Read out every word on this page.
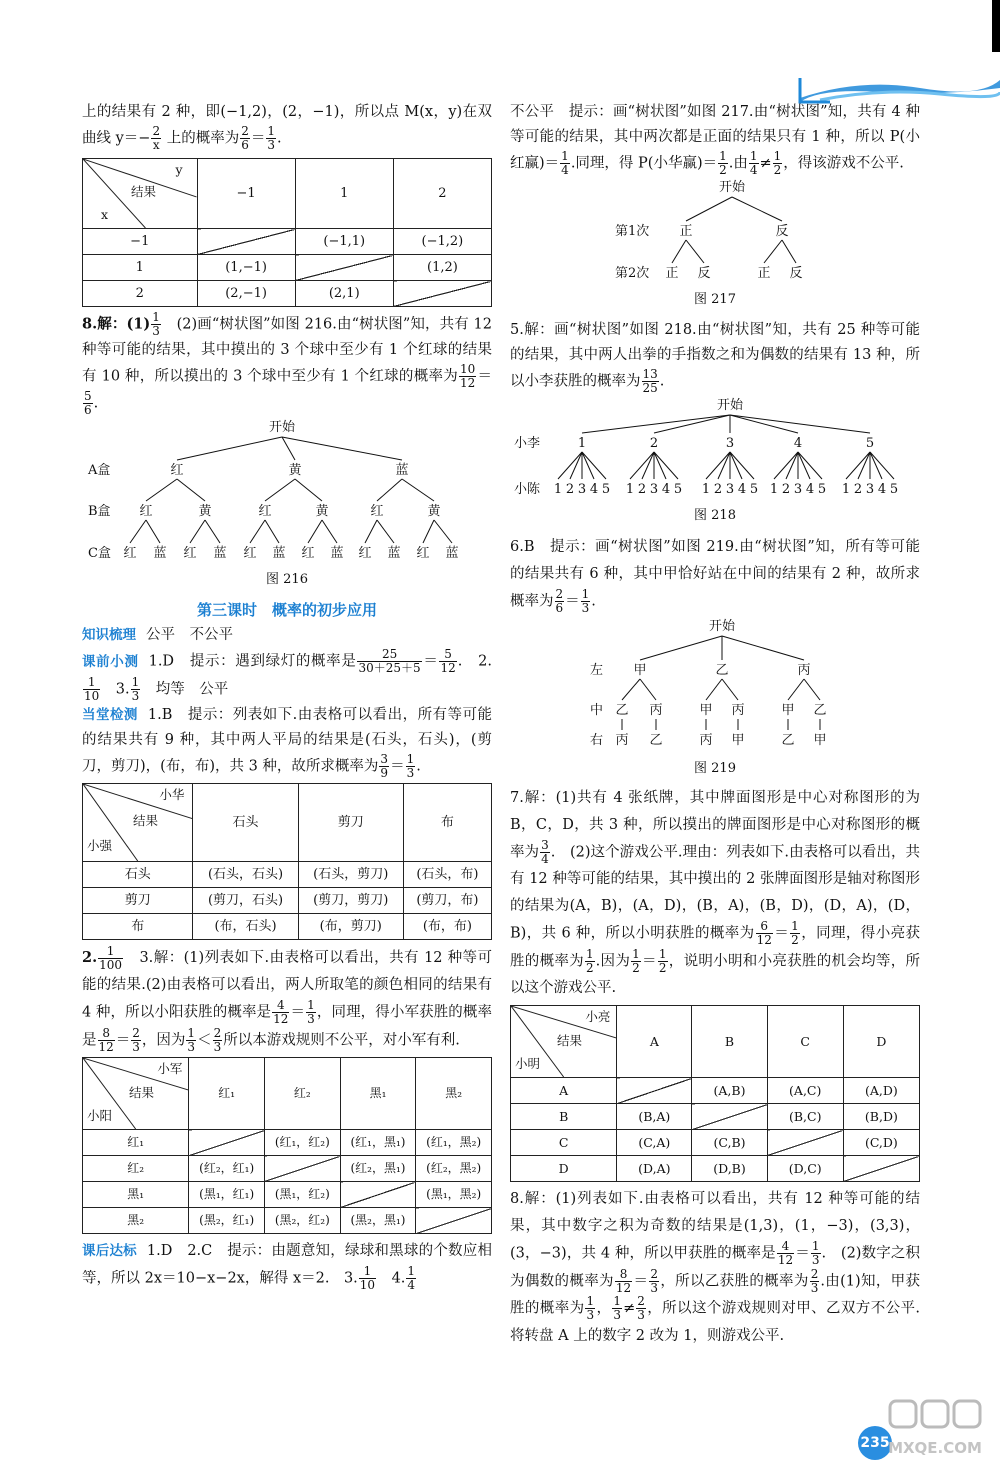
上的结果有 2 种，即(−1,2)，(2，−1)，所以点 M(x，y)在双曲线 $y=- \frac{2}{x}$ 上的概率为 $\frac{2}{6} = \frac{1}{3}$ .

y
结果
x	−1	1	2
−1		(−1,1)	(−1,2)
1	(1,−1)		(1,2)
2	(2,−1)	(2,1)	

8.解：$(1) \frac{1}{3}$ 　(2)画“树状图”如图 216.由“树状图”知，共有 12 种等可能的结果，其中摸出的 3 个球中至少有 1 个红球的结果有 10 种，所以摸出的 3 个球中至少有 1 个红球的概率为 $\frac{10}{12}$ ＝
$\frac{5}{6}$ .

开始
A盒
B盒
C盒
红	黄	蓝
红	黄	红	黄	红	黄
红 蓝 红 蓝 红 蓝 红 蓝 红 蓝 红 蓝
图 216
第三课时　概率的初步应用

知识梳理 公平　不公平

课前小测 1.D　提示：遇到绿灯的概率是 $\frac{25}{30+25+5} = \frac{5}{12}$ .　2.
$\frac{1}{10}$ 　3. $\frac{1}{3}$ 　均等　公平

当堂检测 1.B　提示：列表如下.由表格可以看出，所有等可能的结果共有 9 种，其中两人平局的结果是(石头，石头)，(剪刀，剪刀)，(布，布)，共 3 种，故所求概率为 $\frac{3}{9} = \frac{1}{3}$ .

小华
结果
小强	石头	剪刀	布
石头	(石头，石头)	(石头，剪刀)	(石头，布)
剪刀	(剪刀，石头)	(剪刀，剪刀)	(剪刀，布)
布	(布，石头)	(布，剪刀)	(布，布)

2. $\frac{1}{100}$ 　3.解：(1)列表如下.由表格可以看出，共有 12 种等可能的结果.(2)由表格可以看出，两人所取笔的颜色相同的结果有 4 种，所以小阳获胜的概率是 $\frac{4}{12} = \frac{1}{3}$ ，同理，得小军获胜的概率是 $\frac{8}{12} = \frac{2}{3}$ ，因为 $\frac{1}{3} < \frac{2}{3}$ 所以本游戏规则不公平，对小军有利.

小军
结果
小阳	红₁	红₂	黑₁	黑₂
红₁		(红₁，红₂)	(红₁，黑₁)	(红₁，黑₂)
红₂	(红₂，红₁)		(红₂，黑₁)	(红₂，黑₂)
黑₁	(黑₁，红₁)	(黑₁，红₂)		(黑₁，黑₂)
黑₂	(黑₂，红₁)	(黑₂，红₂)	(黑₂，黑₁)	

课后达标 1.D　2.C　提示：由题意知，绿球和黑球的个数应相等，所以 2x＝10−x−2x，解得 x＝2.　3. $\frac{1}{10}$ 　4. $\frac{1}{4}$

不公平　提示：画“树状图”如图 217.由“树状图”知，共有 4 种等可能的结果，其中两次都是正面的结果只有 1 种，所以 P(小红赢)＝ $\frac{1}{4}$ .同理，得 P(小华赢)＝ $\frac{1}{2}$ .由 $\frac{1}{4} \ne \frac{1}{2}$ ，得该游戏不公平.

开始
第1次 正	反
第2次 正 反	正 反
图 217

5.解：画“树状图”如图 218.由“树状图”知，共有 25 种等可能的结果，其中两人出拳的手指数之和为偶数的结果有 13 种，所以小李获胜的概率为 $\frac{13}{25}$ .

开始
小李
小陈
1
1 2 3 4 5
2
1 2 3 4 5
3
1 2 3 4 5
4
1 2 3 4 5
5
1 2 3 4 5
图 218

6.B　提示：画“树状图”如图 219.由“树状图”知，所有等可能的结果共有 6 种，其中甲恰好站在中间的结果有 2 种，故所求概率为 $\frac{2}{6} = \frac{1}{3}$ .

开始
左
中
右
甲	乙	丙
乙 丙	甲 丙	甲 乙
丙 乙	丙 甲	乙 甲
图 219

7.解：(1)共有 4 张纸牌，其中牌面图形是中心对称图形的为 B，C，D，共 3 种，所以摸出的牌面图形是中心对称图形的概率为 $\frac{3}{4}$ .　(2)这个游戏公平.理由：列表如下.由表格可以看出，共有 12 种等可能的结果，其中摸出的 2 张牌面图形是轴对称图形的结果为(A，B)，(A，D)，(B，A)，(B，D)，(D，A)，(D，B)，共 6 种，所以小明获胜的概率为 $\frac{6}{12} = \frac{1}{2}$ ，同理，得小亮获胜的概率为 $\frac{1}{2}$ .因为 $\frac{1}{2} = \frac{1}{2}$ ，说明小明和小亮获胜的机会均等，所以这个游戏公平.

小亮
结果
小明	A	B	C	D
A		(A,B)	(A,C)	(A,D)
B	(B,A)		(B,C)	(B,D)
C	(C,A)	(C,B)		(C,D)
D	(D,A)	(D,B)	(D,C)	

8.解：(1)列表如下.由表格可以看出，共有 12 种等可能的结果，其中数字之积为奇数的结果是(1,3)，(1，−3)，(3,3)，(3，−3)，共 4 种，所以甲获胜的概率是 $\frac{4}{12} = \frac{1}{3}$ .　(2)数字之积为偶数的概率为 $\frac{8}{12} = \frac{2}{3}$ ，所以乙获胜的概率为 $\frac{2}{3}$ .由(1)知，甲获胜的概率为 $\frac{1}{3}$ ， $\frac{1}{3} \ne \frac{2}{3}$ ，所以这个游戏规则对甲、乙双方不公平.将转盘 A 上的数字 2 改为 1，则游戏公平.

235
MXQE.COM
